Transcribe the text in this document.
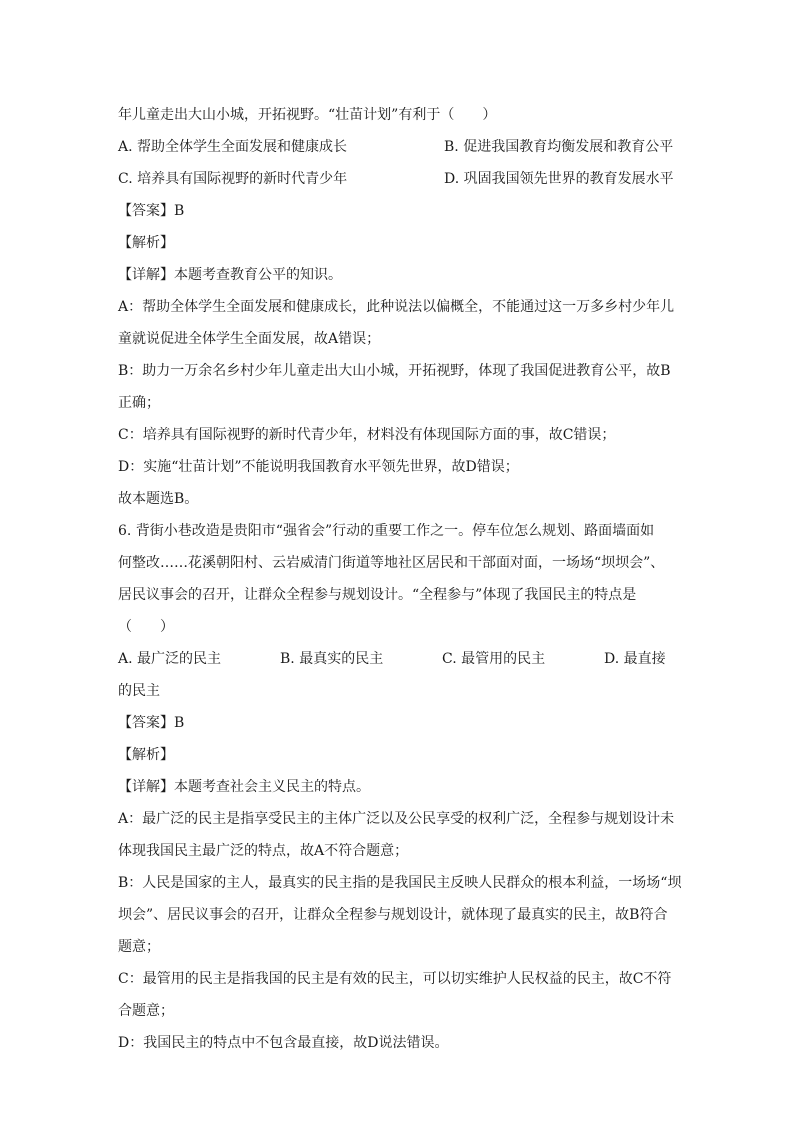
年儿童走出大山小城，开拓视野。“壮苗计划”有利于（　　）
A. 帮助全体学生全面发展和健康成长	B. 促进我国教育均衡发展和教育公平
C. 培养具有国际视野的新时代青少年	D. 巩固我国领先世界的教育发展水平
【答案】B
【解析】
【详解】本题考查教育公平的知识。
A：帮助全体学生全面发展和健康成长，此种说法以偏概全，不能通过这一万多乡村少年儿
童就说促进全体学生全面发展，故A错误；
B：助力一万余名乡村少年儿童走出大山小城，开拓视野，体现了我国促进教育公平，故B
正确；
C：培养具有国际视野的新时代青少年，材料没有体现国际方面的事，故C错误；
D：实施“壮苗计划”不能说明我国教育水平领先世界，故D错误；
故本题选B。
6. 背街小巷改造是贵阳市“强省会”行动的重要工作之一。停车位怎么规划、路面墙面如
何整改……花溪朝阳村、云岩威清门街道等地社区居民和干部面对面，一场场“坝坝会”、
居民议事会的召开，让群众全程参与规划设计。“全程参与”体现了我国民主的特点是
（　　）
A. 最广泛的民主	B. 最真实的民主	C. 最管用的民主	D. 最直接
的民主
【答案】B
【解析】
【详解】本题考查社会主义民主的特点。
A：最广泛的民主是指享受民主的主体广泛以及公民享受的权利广泛，全程参与规划设计未
体现我国民主最广泛的特点，故A不符合题意；
B：人民是国家的主人，最真实的民主指的是我国民主反映人民群众的根本利益，一场场“坝
坝会”、居民议事会的召开，让群众全程参与规划设计，就体现了最真实的民主，故B符合
题意；
C：最管用的民主是指我国的民主是有效的民主，可以切实维护人民权益的民主，故C不符
合题意；
D：我国民主的特点中不包含最直接，故D说法错误。
